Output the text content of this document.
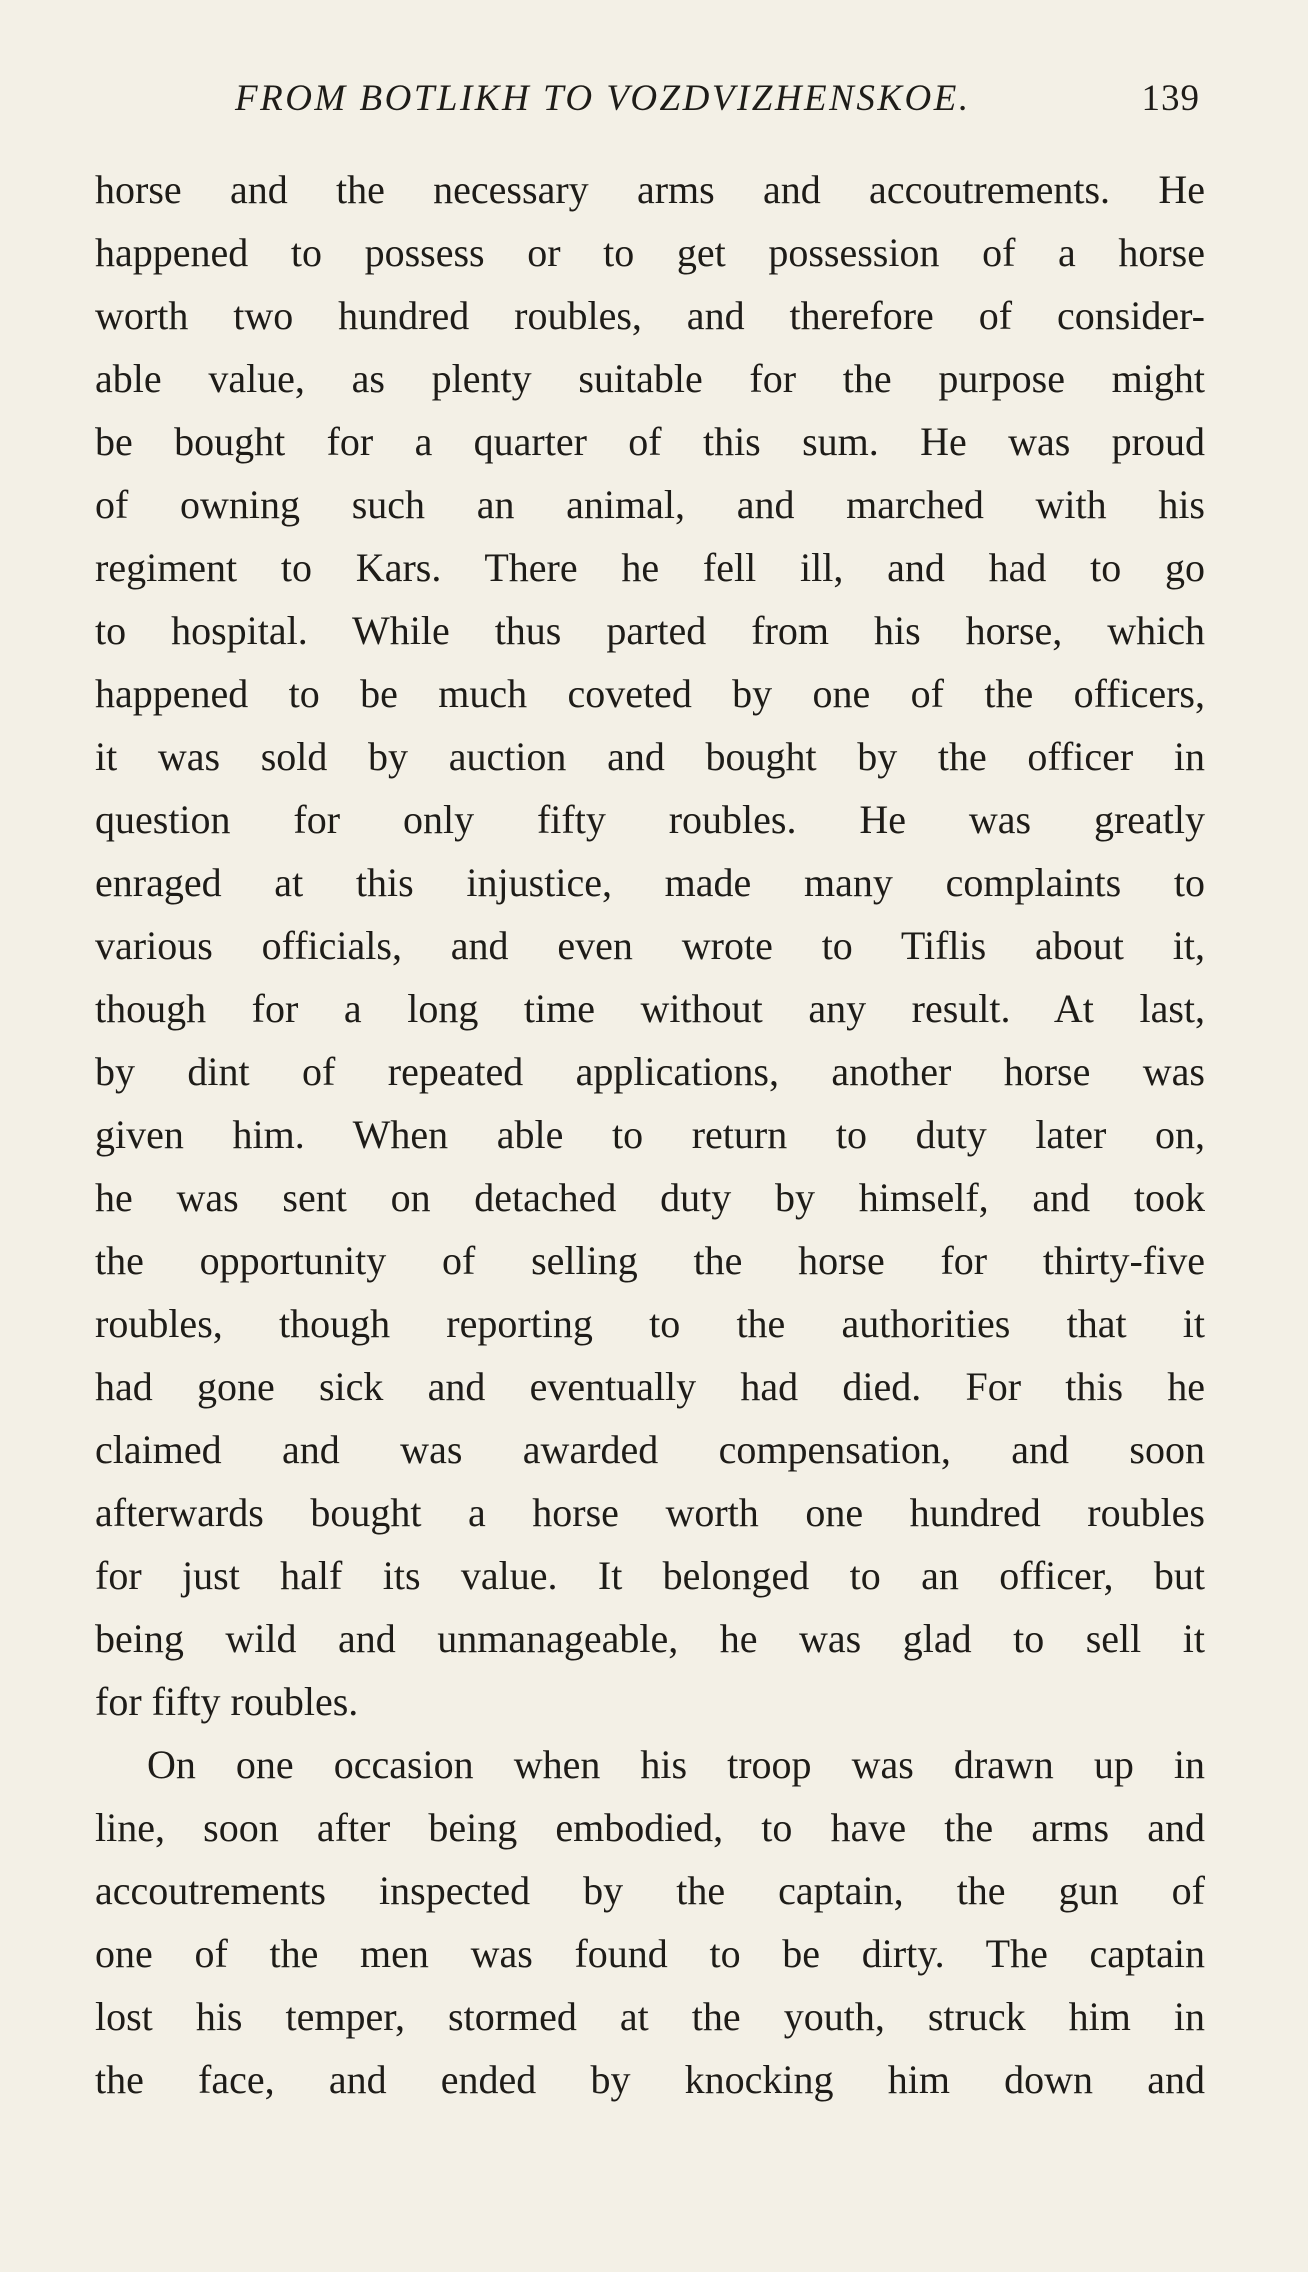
FROM BOTLIKH TO VOZDVIZHENSKOE.	139
horse and the necessary arms and accoutrements. He
happened to possess or to get possession of a horse
worth two hundred roubles, and therefore of consider-
able value, as plenty suitable for the purpose might
be bought for a quarter of this sum. He was proud
of owning such an animal, and marched with his
regiment to Kars. There he fell ill, and had to go
to hospital. While thus parted from his horse, which
happened to be much coveted by one of the officers,
it was sold by auction and bought by the officer in
question for only fifty roubles. He was greatly
enraged at this injustice, made many complaints to
various officials, and even wrote to Tiflis about it,
though for a long time without any result. At last,
by dint of repeated applications, another horse was
given him. When able to return to duty later on,
he was sent on detached duty by himself, and took
the opportunity of selling the horse for thirty-five
roubles, though reporting to the authorities that it
had gone sick and eventually had died. For this he
claimed and was awarded compensation, and soon
afterwards bought a horse worth one hundred roubles
for just half its value. It belonged to an officer, but
being wild and unmanageable, he was glad to sell it
for fifty roubles.
On one occasion when his troop was drawn up in
line, soon after being embodied, to have the arms and
accoutrements inspected by the captain, the gun of
one of the men was found to be dirty. The captain
lost his temper, stormed at the youth, struck him in
the face, and ended by knocking him down and
